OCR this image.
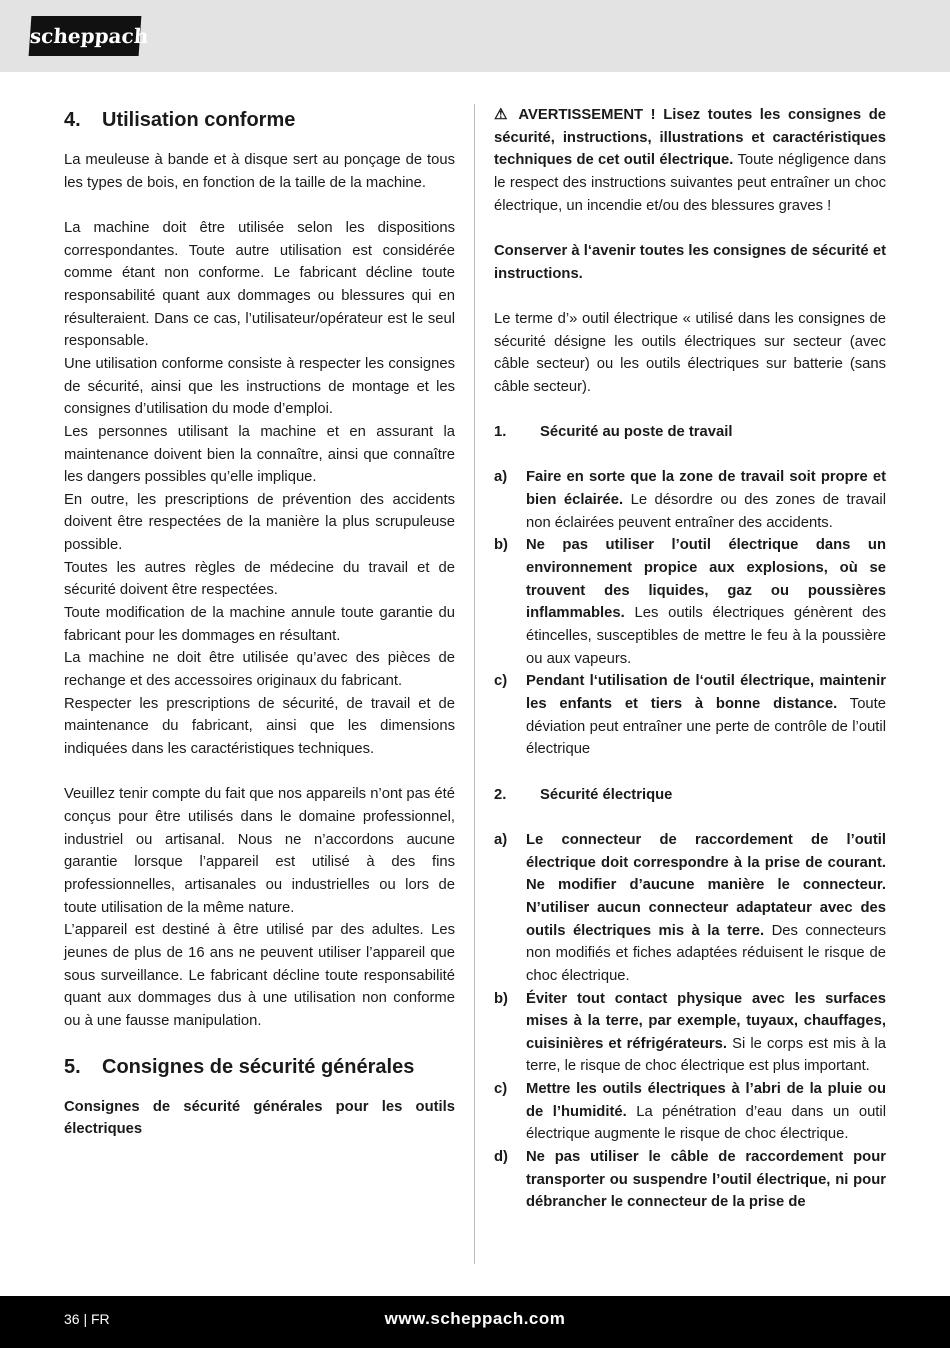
scheppach
4.	Utilisation conforme

La meuleuse à bande et à disque sert au ponçage de tous les types de bois, en fonction de la taille de la machine.

La machine doit être utilisée selon les dispositions correspondantes. Toute autre utilisation est considérée comme étant non conforme. Le fabricant décline toute responsabilité quant aux dommages ou blessures qui en résulteraient. Dans ce cas, l’utilisateur/opérateur est le seul responsable.

Une utilisation conforme consiste à respecter les consignes de sécurité, ainsi que les instructions de montage et les consignes d’utilisation du mode d’emploi.

Les personnes utilisant la machine et en assurant la maintenance doivent bien la connaître, ainsi que connaître les dangers possibles qu’elle implique.

En outre, les prescriptions de prévention des accidents doivent être respectées de la manière la plus scrupuleuse possible.

Toutes les autres règles de médecine du travail et de sécurité doivent être respectées.

Toute modification de la machine annule toute garantie du fabricant pour les dommages en résultant.

La machine ne doit être utilisée qu’avec des pièces de rechange et des accessoires originaux du fabricant.

Respecter les prescriptions de sécurité, de travail et de maintenance du fabricant, ainsi que les dimensions indiquées dans les caractéristiques techniques.

Veuillez tenir compte du fait que nos appareils n’ont pas été conçus pour être utilisés dans le domaine professionnel, industriel ou artisanal. Nous ne n’accordons aucune garantie lorsque l’appareil est utilisé à des fins professionnelles, artisanales ou industrielles ou lors de toute utilisation de la même nature.

L’appareil est destiné à être utilisé par des adultes. Les jeunes de plus de 16 ans ne peuvent utiliser l’appareil que sous surveillance. Le fabricant décline toute responsabilité quant aux dommages dus à une utilisation non conforme ou à une fausse manipulation.

5.	Consignes de sécurité générales

Consignes de sécurité générales pour les outils électriques

⚠ AVERTISSEMENT ! Lisez toutes les consignes de sécurité, instructions, illustrations et caractéristiques techniques de cet outil électrique. Toute négligence dans le respect des instructions suivantes peut entraîner un choc électrique, un incendie et/ou des blessures graves !

Conserver à l‘avenir toutes les consignes de sécurité et instructions.

Le terme d’» outil électrique « utilisé dans les consignes de sécurité désigne les outils électriques sur secteur (avec câble secteur) ou les outils électriques sur batterie (sans câble secteur).

1.	Sécurité au poste de travail
a)	Faire en sorte que la zone de travail soit propre et bien éclairée. Le désordre ou des zones de travail non éclairées peuvent entraîner des accidents.
b)	Ne pas utiliser l’outil électrique dans un environnement propice aux explosions, où se trouvent des liquides, gaz ou poussières inflammables. Les outils électriques génèrent des étincelles, susceptibles de mettre le feu à la poussière ou aux vapeurs.
c)	Pendant l‘utilisation de l‘outil électrique, maintenir les enfants et tiers à bonne distance. Toute déviation peut entraîner une perte de contrôle de l’outil électrique
2.	Sécurité électrique
a)	Le connecteur de raccordement de l’outil électrique doit correspondre à la prise de courant. Ne modifier d’aucune manière le connecteur. N’utiliser aucun connecteur adaptateur avec des outils électriques mis à la terre. Des connecteurs non modifiés et fiches adaptées réduisent le risque de choc électrique.
b)	Éviter tout contact physique avec les surfaces mises à la terre, par exemple, tuyaux, chauffages, cuisinières et réfrigérateurs. Si le corps est mis à la terre, le risque de choc électrique est plus important.
c)	Mettre les outils électriques à l’abri de la pluie ou de l’humidité. La pénétration d’eau dans un outil électrique augmente le risque de choc électrique.
d)	Ne pas utiliser le câble de raccordement pour transporter ou suspendre l’outil électrique, ni pour débrancher le connecteur de la prise de
36 | FR	www.scheppach.com
